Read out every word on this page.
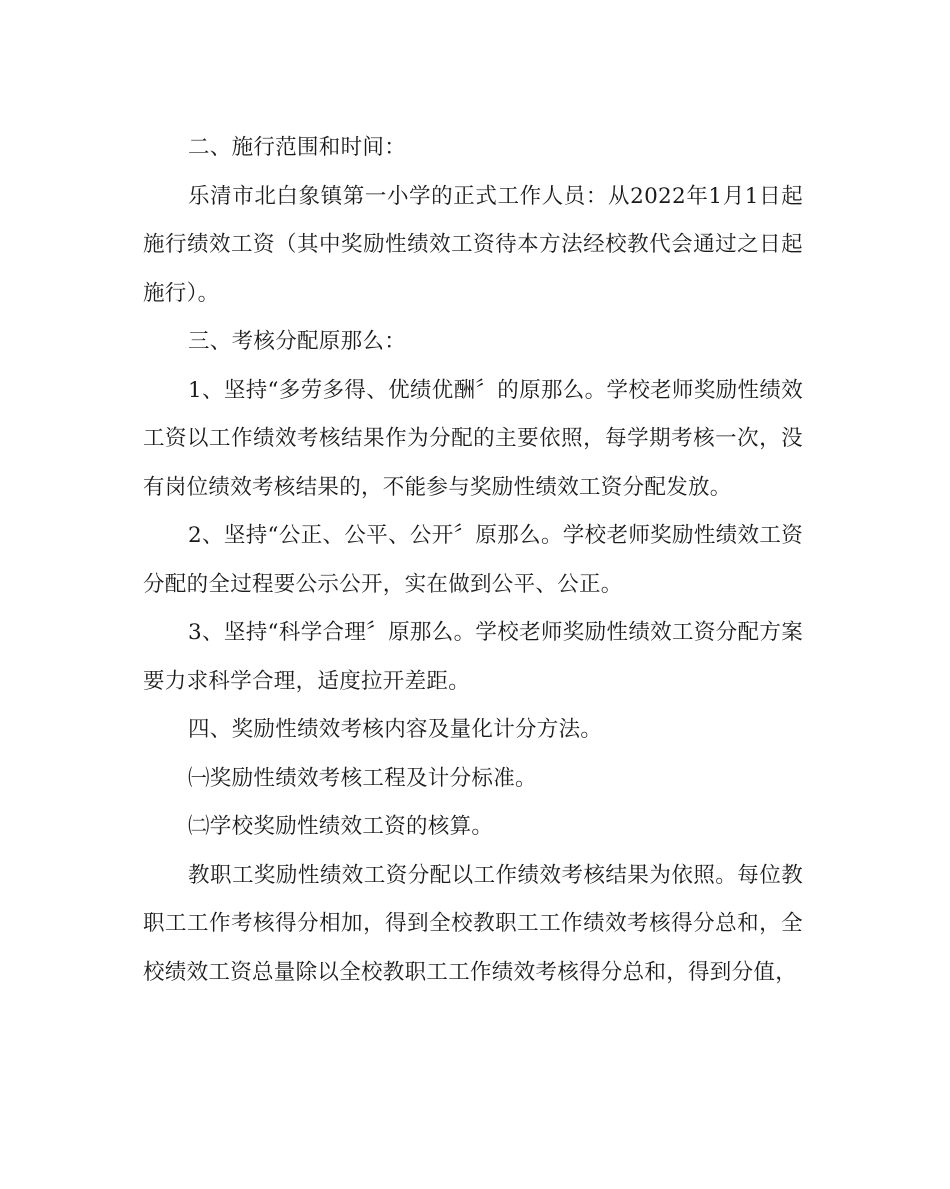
二、施行范围和时间：

乐清市北白象镇第一小学的正式工作人员：从2022年1月1日起施行绩效工资（其中奖励性绩效工资待本方法经校教代会通过之日起施行）。

三、考核分配原那么：

1、坚持“多劳多得、优绩优酬〞的原那么。学校老师奖励性绩效工资以工作绩效考核结果作为分配的主要依照，每学期考核一次，没有岗位绩效考核结果的，不能参与奖励性绩效工资分配发放。

2、坚持“公正、公平、公开〞原那么。学校老师奖励性绩效工资分配的全过程要公示公开，实在做到公平、公正。

3、坚持“科学合理〞原那么。学校老师奖励性绩效工资分配方案要力求科学合理，适度拉开差距。

四、奖励性绩效考核内容及量化计分方法。

㈠奖励性绩效考核工程及计分标准。

㈡学校奖励性绩效工资的核算。

教职工奖励性绩效工资分配以工作绩效考核结果为依照。每位教职工工作考核得分相加，得到全校教职工工作绩效考核得分总和，全校绩效工资总量除以全校教职工工作绩效考核得分总和，得到分值，
